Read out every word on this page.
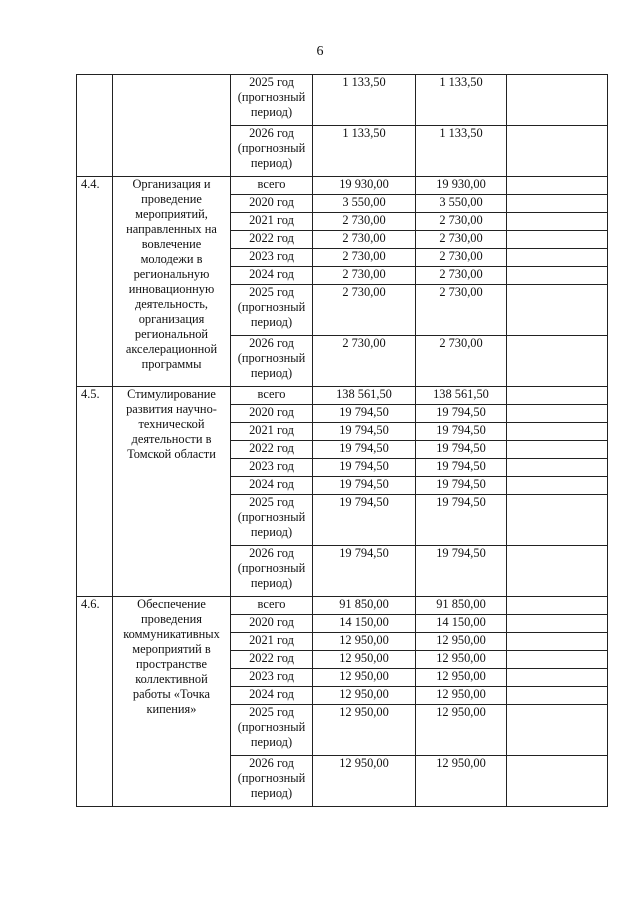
6
		2025 год (прогнозный период)	1 133,50	1 133,50	
		2026 год (прогнозный период)	1 133,50	1 133,50	
4.4.	Организация и проведение мероприятий, направленных на вовлечение молодежи в региональную инновационную деятельность, организация региональной акселерационной программы	всего	19 930,00	19 930,00	
		2020 год	3 550,00	3 550,00	
		2021 год	2 730,00	2 730,00	
		2022 год	2 730,00	2 730,00	
		2023 год	2 730,00	2 730,00	
		2024 год	2 730,00	2 730,00	
		2025 год (прогнозный период)	2 730,00	2 730,00	
		2026 год (прогнозный период)	2 730,00	2 730,00	
4.5.	Стимулирование развития научно-технической деятельности в Томской области	всего	138 561,50	138 561,50	
		2020 год	19 794,50	19 794,50	
		2021 год	19 794,50	19 794,50	
		2022 год	19 794,50	19 794,50	
		2023 год	19 794,50	19 794,50	
		2024 год	19 794,50	19 794,50	
		2025 год (прогнозный период)	19 794,50	19 794,50	
		2026 год (прогнозный период)	19 794,50	19 794,50	
4.6.	Обеспечение проведения коммуникативных мероприятий в пространстве коллективной работы «Точка кипения»	всего	91 850,00	91 850,00	
		2020 год	14 150,00	14 150,00	
		2021 год	12 950,00	12 950,00	
		2022 год	12 950,00	12 950,00	
		2023 год	12 950,00	12 950,00	
		2024 год	12 950,00	12 950,00	
		2025 год (прогнозный период)	12 950,00	12 950,00	
		2026 год (прогнозный период)	12 950,00	12 950,00	
